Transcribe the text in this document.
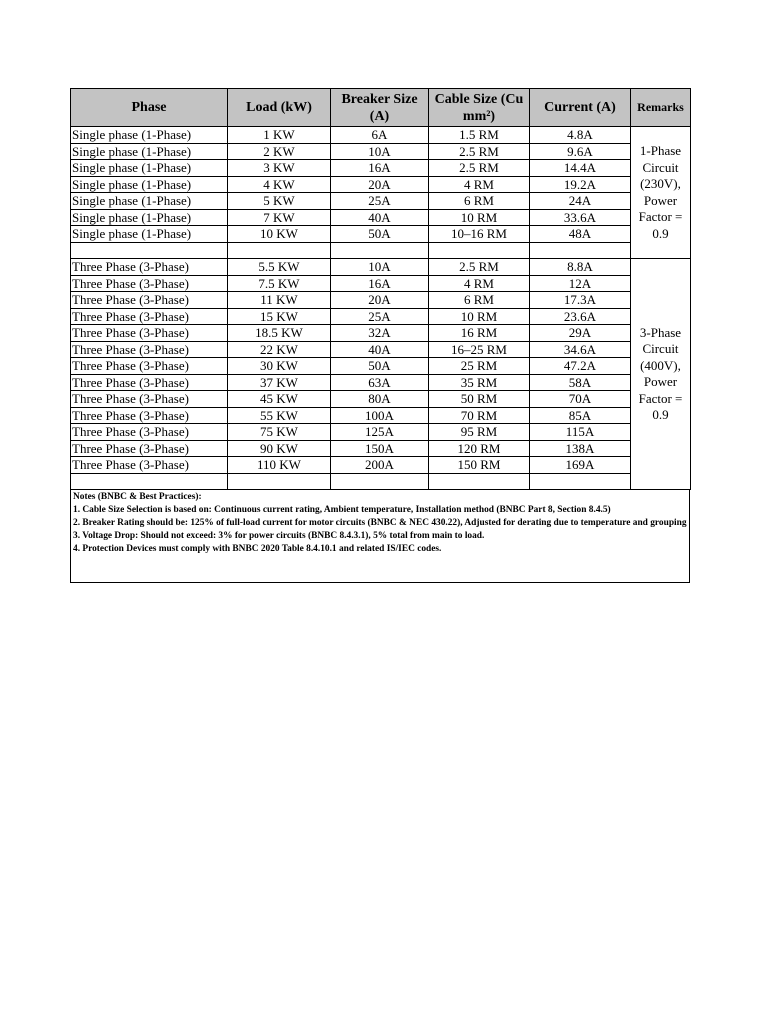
Phase	Load (kW)	Breaker Size (A)	Cable Size (Cu mm²)	Current (A)	Remarks
Single phase (1-Phase)	1 KW	6A	1.5 RM	4.8A	1-Phase Circuit (230V), Power Factor = 0.9
Single phase (1-Phase)	2 KW	10A	2.5 RM	9.6A	
Single phase (1-Phase)	3 KW	16A	2.5 RM	14.4A	
Single phase (1-Phase)	4 KW	20A	4 RM	19.2A	
Single phase (1-Phase)	5 KW	25A	6 RM	24A	
Single phase (1-Phase)	7 KW	40A	10 RM	33.6A	
Single phase (1-Phase)	10 KW	50A	10–16 RM	48A	

Three Phase (3-Phase)	5.5 KW	10A	2.5 RM	8.8A	3-Phase Circuit (400V), Power Factor = 0.9
Three Phase (3-Phase)	7.5 KW	16A	4 RM	12A	
Three Phase (3-Phase)	11 KW	20A	6 RM	17.3A	
Three Phase (3-Phase)	15 KW	25A	10 RM	23.6A	
Three Phase (3-Phase)	18.5 KW	32A	16 RM	29A	
Three Phase (3-Phase)	22 KW	40A	16–25 RM	34.6A	
Three Phase (3-Phase)	30 KW	50A	25 RM	47.2A	
Three Phase (3-Phase)	37 KW	63A	35 RM	58A	
Three Phase (3-Phase)	45 KW	80A	50 RM	70A	
Three Phase (3-Phase)	55 KW	100A	70 RM	85A	
Three Phase (3-Phase)	75 KW	125A	95 RM	115A	
Three Phase (3-Phase)	90 KW	150A	120 RM	138A	
Three Phase (3-Phase)	110 KW	200A	150 RM	169A	

Notes (BNBC & Best Practices):
1. Cable Size Selection is based on: Continuous current rating, Ambient temperature, Installation method (BNBC Part 8, Section 8.4.5)
2. Breaker Rating should be: 125% of full-load current for motor circuits (BNBC & NEC 430.22), Adjusted for derating due to temperature and grouping
3. Voltage Drop: Should not exceed: 3% for power circuits (BNBC 8.4.3.1), 5% total from main to load.
4. Protection Devices must comply with BNBC 2020 Table 8.4.10.1 and related IS/IEC codes.
